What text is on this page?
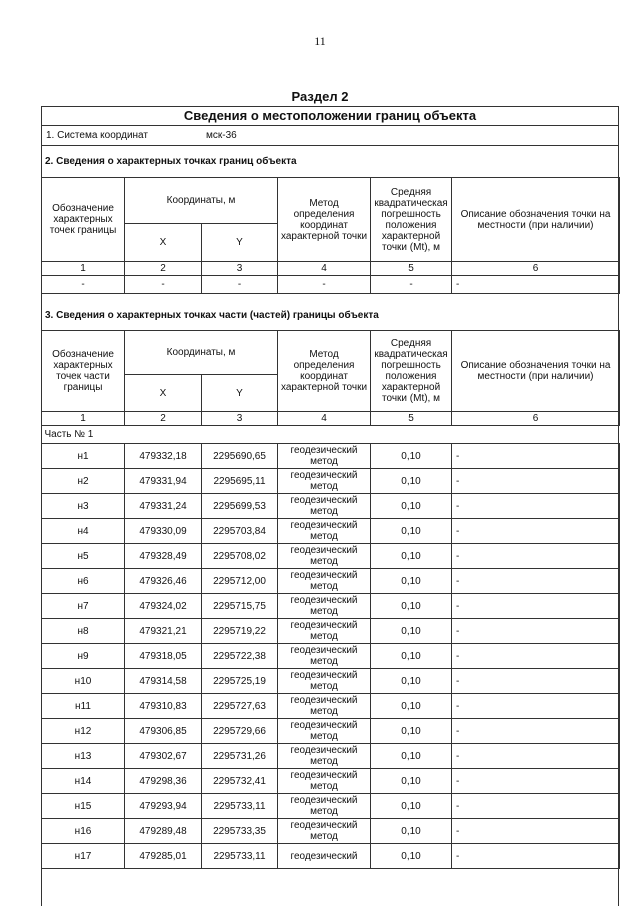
11
Раздел 2
Сведения о местоположении границ объекта
1. Система координат	мск-36
2. Сведения о характерных точках границ объекта
Обозначение характерных точек границы	Координаты, м		Метод определения координат характерной точки	Средняя квадратическая погрешность положения характерной точки (Mt), м	Описание обозначения точки на местности (при наличии)
	X	Y			
1	2	3	4	5	6
-	-	-	-	-	-
3. Сведения о характерных точках части (частей) границы объекта
Обозначение характерных точек части границы	Координаты, м		Метод определения координат характерной точки	Средняя квадратическая погрешность положения характерной точки (Mt), м	Описание обозначения точки на местности (при наличии)
	X	Y			
1	2	3	4	5	6
Часть № 1					
н1	479332,18	2295690,65	геодезический метод	0,10	-
н2	479331,94	2295695,11	геодезический метод	0,10	-
н3	479331,24	2295699,53	геодезический метод	0,10	-
н4	479330,09	2295703,84	геодезический метод	0,10	-
н5	479328,49	2295708,02	геодезический метод	0,10	-
н6	479326,46	2295712,00	геодезический метод	0,10	-
н7	479324,02	2295715,75	геодезический метод	0,10	-
н8	479321,21	2295719,22	геодезический метод	0,10	-
н9	479318,05	2295722,38	геодезический метод	0,10	-
н10	479314,58	2295725,19	геодезический метод	0,10	-
н11	479310,83	2295727,63	геодезический метод	0,10	-
н12	479306,85	2295729,66	геодезический метод	0,10	-
н13	479302,67	2295731,26	геодезический метод	0,10	-
н14	479298,36	2295732,41	геодезический метод	0,10	-
н15	479293,94	2295733,11	геодезический метод	0,10	-
н16	479289,48	2295733,35	геодезический метод	0,10	-
н17	479285,01	2295733,11	геодезический	0,10	-
